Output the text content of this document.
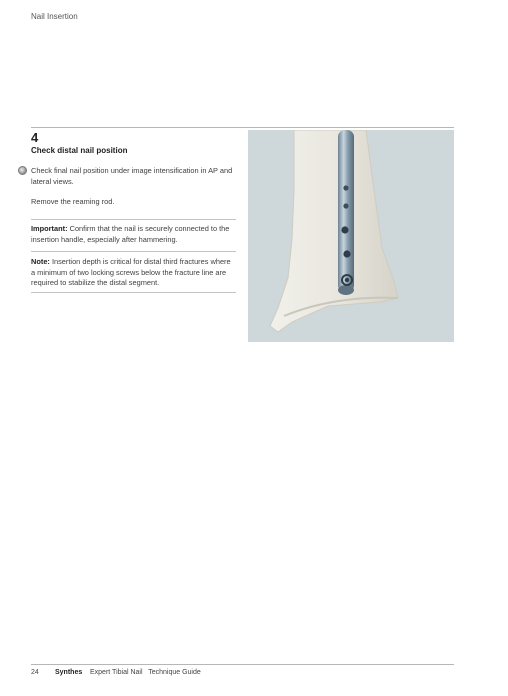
Nail Insertion
4
Check distal nail position
Check final nail position under image intensification in AP and lateral views.
Remove the reaming rod.
Important: Confirm that the nail is securely connected to the insertion handle, especially after hammering.
Note: Insertion depth is critical for distal third fractures where a minimum of two locking screws below the fracture line are required to stabilize the distal segment.
24 Synthes Expert Tibial Nail   Technique Guide
